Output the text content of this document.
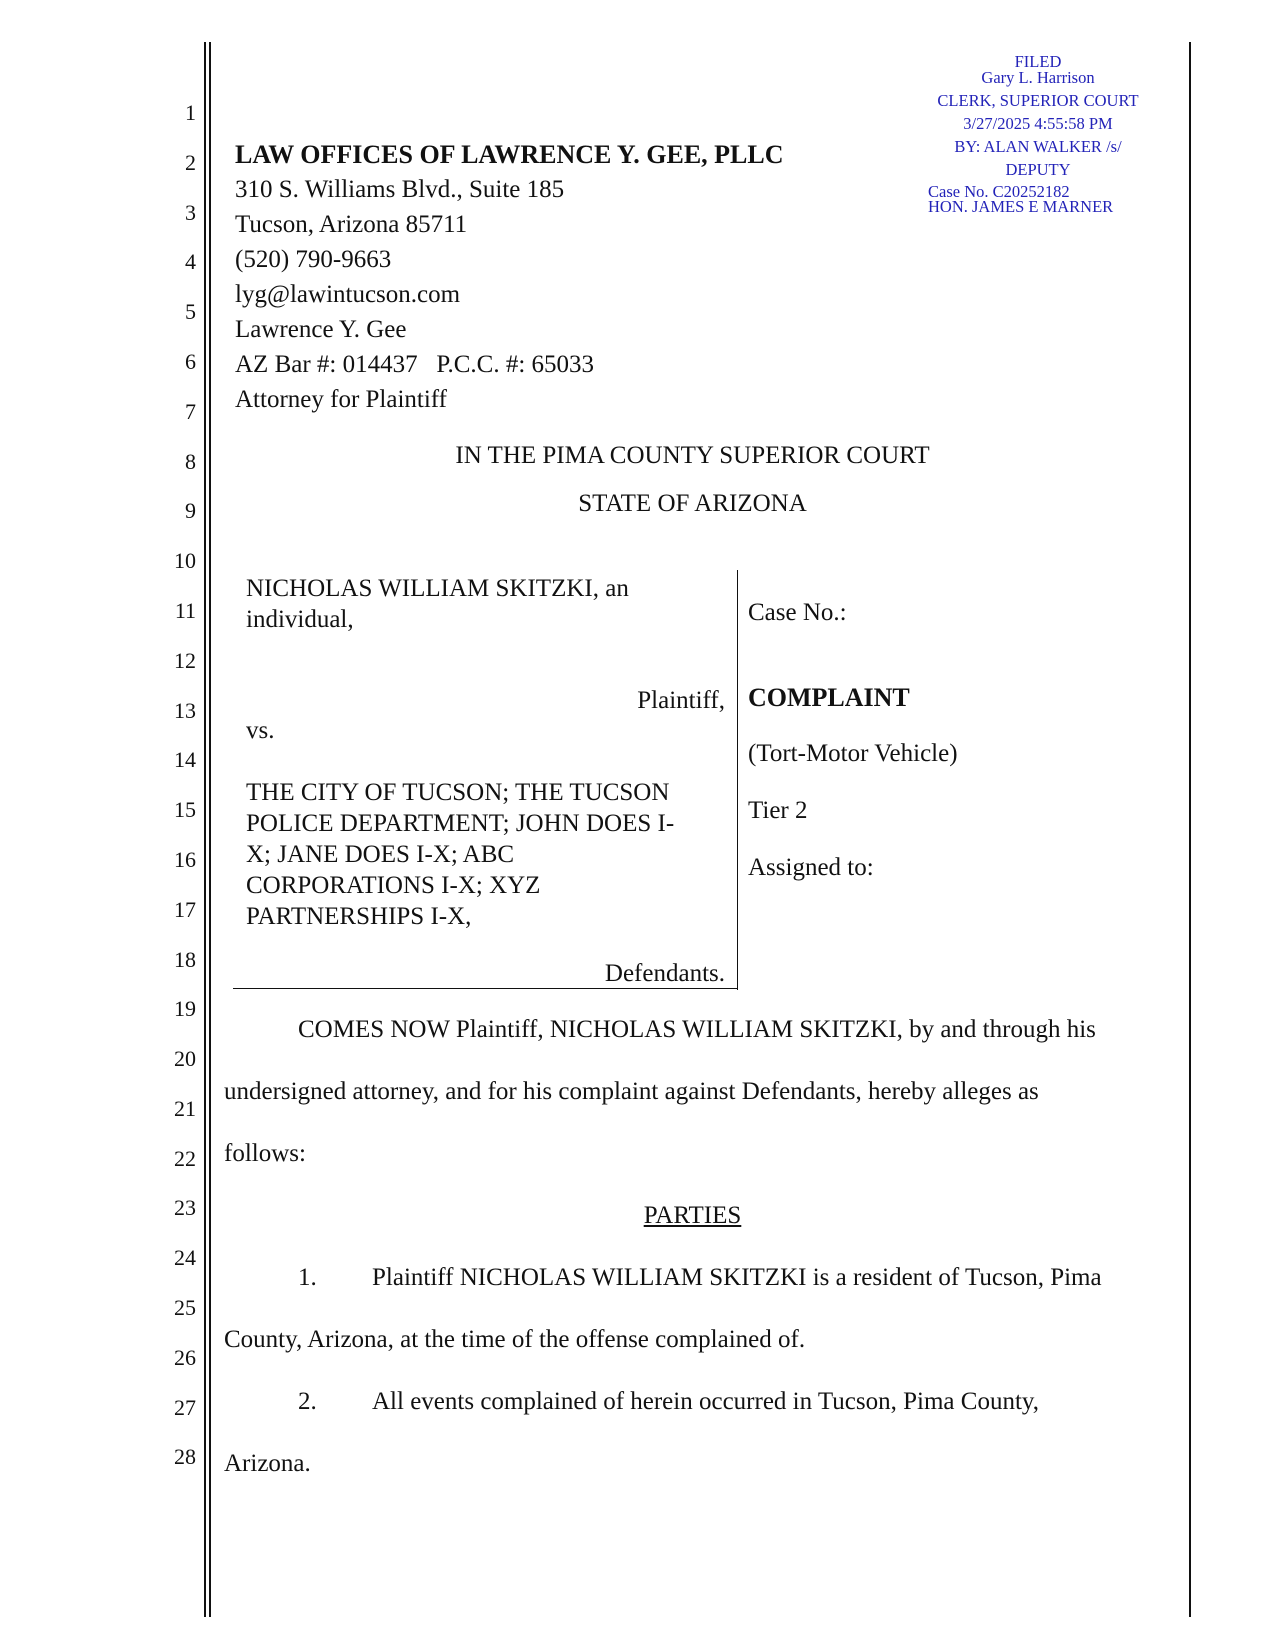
1
2
3
4
5
6
7
8
9
10
11
12
13
14
15
16
17
18
19
20
21
22
23
24
25
26
27
28
FILED
Gary L. Harrison
CLERK, SUPERIOR COURT
3/27/2025 4:55:58 PM
BY: ALAN WALKER /s/
DEPUTY
Case No. C20252182
HON. JAMES E MARNER
LAW OFFICES OF LAWRENCE Y. GEE, PLLC
310 S. Williams Blvd., Suite 185
Tucson, Arizona 85711
(520) 790-9663
lyg@lawintucson.com
Lawrence Y. Gee
AZ Bar #: 014437   P.C.C. #: 65033
Attorney for Plaintiff
IN THE PIMA COUNTY SUPERIOR COURT
STATE OF ARIZONA
NICHOLAS WILLIAM SKITZKI, an
individual,
Plaintiff,
vs.
THE CITY OF TUCSON; THE TUCSON
POLICE DEPARTMENT; JOHN DOES I-
X; JANE DOES I-X; ABC
CORPORATIONS I-X; XYZ
PARTNERSHIPS I-X,
Defendants.
Case No.:
COMPLAINT
(Tort-Motor Vehicle)
Tier 2
Assigned to:
COMES NOW Plaintiff, NICHOLAS WILLIAM SKITZKI, by and through his
undersigned attorney, and for his complaint against Defendants, hereby alleges as
follows:
PARTIES
1. Plaintiff NICHOLAS WILLIAM SKITZKI is a resident of Tucson, Pima
County, Arizona, at the time of the offense complained of.
2. All events complained of herein occurred in Tucson, Pima County,
Arizona.
